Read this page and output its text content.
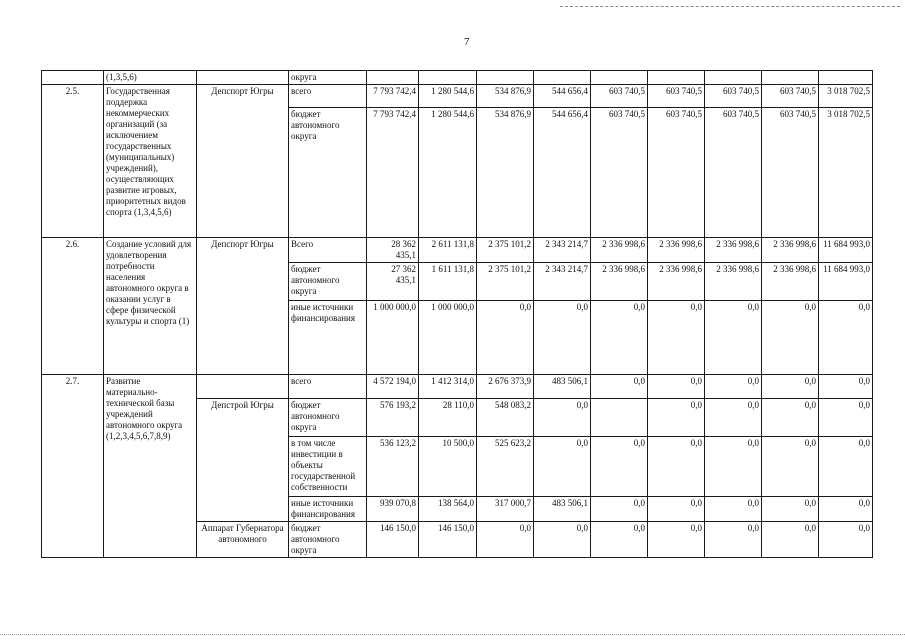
7
	(1,3,5,6)		округа									
2.5.	Государственная поддержка некоммерческих организаций (за исключением государственных (муниципальных) учреждений), осуществляющих развитие игровых, приоритетных видов спорта (1,3,4,5,6)	Депспорт Югры	всего	7 793 742,4	1 280 544,6	534 876,9	544 656,4	603 740,5	603 740,5	603 740,5	603 740,5	3 018 702,5
			бюджет автономного округа	7 793 742,4	1 280 544,6	534 876,9	544 656,4	603 740,5	603 740,5	603 740,5	603 740,5	3 018 702,5
2.6.	Создание условий для удовлетворения потребности населения автономного округа в оказании услуг в сфере физической культуры и спорта (1)	Депспорт Югры	Всего	28 362 435,1	2 611 131,8	2 375 101,2	2 343 214,7	2 336 998,6	2 336 998,6	2 336 998,6	2 336 998,6	11 684 993,0
			бюджет автономного округа	27 362 435,1	1 611 131,8	2 375 101,2	2 343 214,7	2 336 998,6	2 336 998,6	2 336 998,6	2 336 998,6	11 684 993,0
			иные источники финансирования	1 000 000,0	1 000 000,0	0,0	0,0	0,0	0,0	0,0	0,0	0,0
2.7.	Развитие материально-технической базы учреждений автономного округа (1,2,3,4,5,6,7,8,9)		всего	4 572 194,0	1 412 314,0	2 676 373,9	483 506,1	0,0	0,0	0,0	0,0	0,0
		Депстрой Югры	бюджет автономного округа	576 193,2	28 110,0	548 083,2	0,0		0,0	0,0	0,0	0,0
			в том числе инвестиции в объекты государственной собственности	536 123,2	10 500,0	525 623,2	0,0	0,0	0,0	0,0	0,0	0,0
			иные источники финансирования	939 070,8	138 564,0	317 000,7	483 506,1	0,0	0,0	0,0	0,0	0,0
		Аппарат Губернатора автономного	бюджет автономного округа	146 150,0	146 150,0	0,0	0,0	0,0	0,0	0,0	0,0	0,0
